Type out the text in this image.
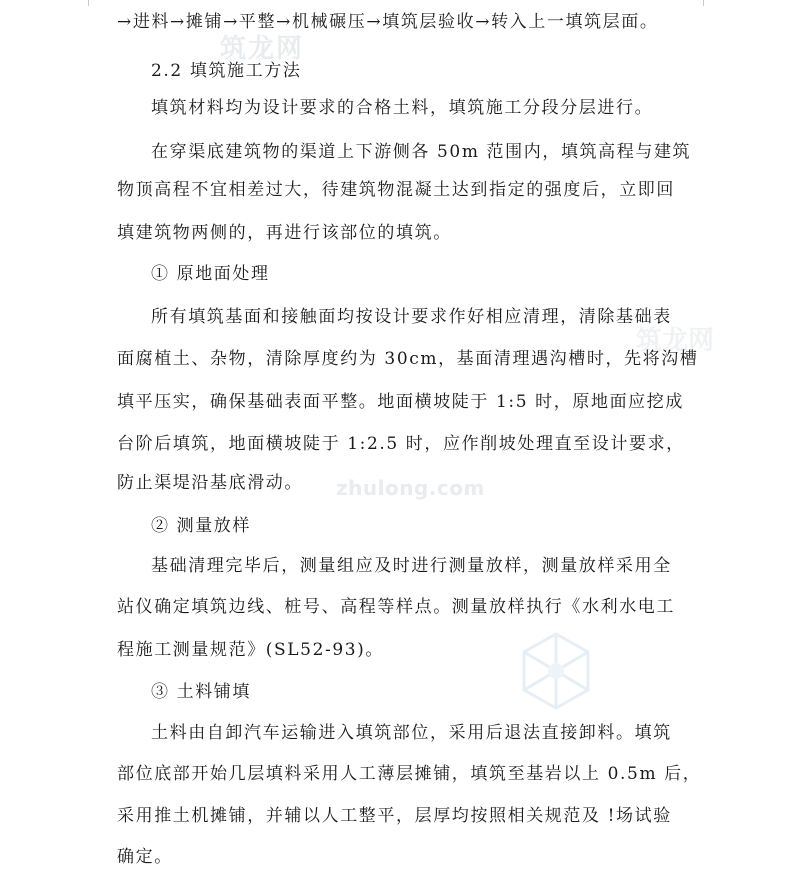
筑龙网
筑龙网
zhulong.com
→进料→摊铺→平整→机械碾压→填筑层验收→转入上一填筑层面。
2.2 填筑施工方法
填筑材料均为设计要求的合格土料，填筑施工分段分层进行。
在穿渠底建筑物的渠道上下游侧各 50m 范围内，填筑高程与建筑
物顶高程不宜相差过大，待建筑物混凝土达到指定的强度后，立即回
填建筑物两侧的，再进行该部位的填筑。
① 原地面处理
所有填筑基面和接触面均按设计要求作好相应清理，清除基础表
面腐植土、杂物，清除厚度约为 30cm，基面清理遇沟槽时，先将沟槽
填平压实，确保基础表面平整。地面横坡陡于 1:5 时，原地面应挖成
台阶后填筑，地面横坡陡于 1:2.5 时，应作削坡处理直至设计要求，
防止渠堤沿基底滑动。
② 测量放样
基础清理完毕后，测量组应及时进行测量放样，测量放样采用全
站仪确定填筑边线、桩号、高程等样点。测量放样执行《水利水电工
程施工测量规范》(SL52-93)。
③ 土料铺填
土料由自卸汽车运输进入填筑部位，采用后退法直接卸料。填筑
部位底部开始几层填料采用人工薄层摊铺，填筑至基岩以上 0.5m 后，
采用推土机摊铺，并辅以人工整平，层厚均按照相关规范及 !场试验
确定。
